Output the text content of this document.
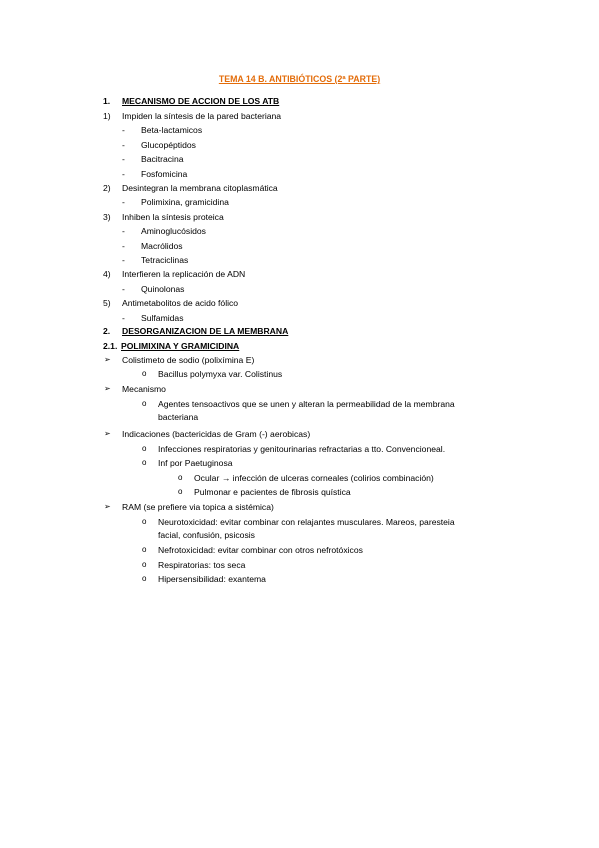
TEMA 14 B. ANTIBIÓTICOS (2ª PARTE)
1. MECANISMO DE ACCION DE LOS ATB
1) Impiden la síntesis de la pared bacteriana
- Beta-lactamicos
- Glucopéptidos
- Bacitracina
- Fosfomicina
2) Desintegran la membrana citoplasmática
- Polimixina, gramicidina
3) Inhiben la síntesis proteica
- Aminoglucósidos
- Macrólidos
- Tetraciclinas
4) Interfieren la replicación de ADN
- Quinolonas
5) Antimetabolitos de acido fólico
- Sulfamidas
2. DESORGANIZACION DE LA MEMBRANA
2.1. POLIMIXINA Y GRAMICIDINA
➢ Colistimeto de sodio (polixímina E)
o Bacillus polymyxa var. Colistinus
➢ Mecanismo
o Agentes tensoactivos que se unen y alteran la permeabilidad de la membrana
bacteriana
➢ Indicaciones (bactericidas de Gram (-) aerobicas)
o Infecciones respiratorias y genitourinarias refractarias a tto. Convencioneal.
o Inf por Paetuginosa
o Ocular → infección de ulceras corneales (colirios combinación)
o Pulmonar e pacientes de fibrosis quística
➢ RAM (se prefiere via topica a sistémica)
o Neurotoxicidad: evitar combinar con relajantes musculares. Mareos, paresteia
facial, confusión, psicosis
o Nefrotoxicidad: evitar combinar con otros nefrotóxicos
o Respiratorias: tos seca
o Hipersensibilidad: exantema
